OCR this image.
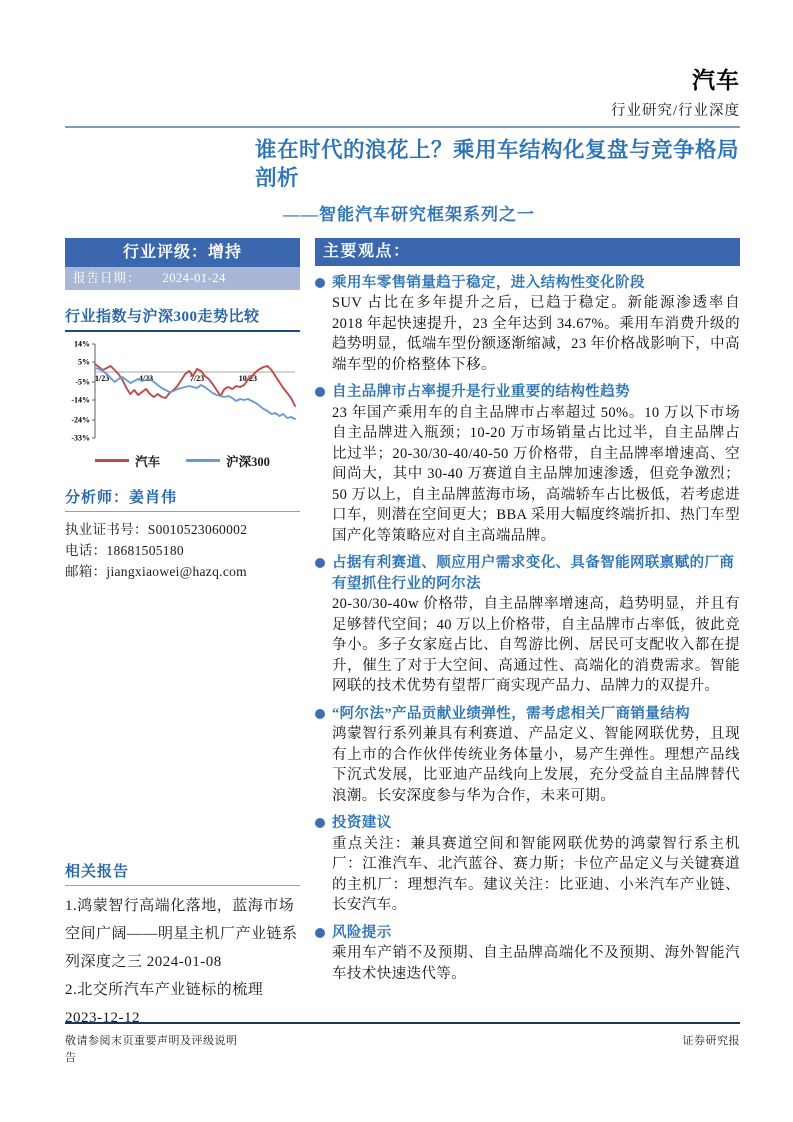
汽车
行业研究/行业深度
谁在时代的浪花上？乘用车结构化复盘与竞争格局剖析
——智能汽车研究框架系列之一
行业评级：增持
报告日期： 2024-01-24
行业指数与沪深300走势比较
14%
5%
-5%
-14%
-24%
-33%
1/23	4/23	7/23	10/23
汽车	沪深300
分析师：姜肖伟
执业证书号：S0010523060002
电话：18681505180
邮箱：jiangxiaowei@hazq.com
相关报告
1.鸿蒙智行高端化落地，蓝海市场空间广阔——明星主机厂产业链系列深度之三 2024-01-08
2.北交所汽车产业链标的梳理 2023-12-12
主要观点：
乘用车零售销量趋于稳定，进入结构性变化阶段
SUV 占比在多年提升之后，已趋于稳定。新能源渗透率自 2018 年起快速提升，23 全年达到 34.67%。乘用车消费升级的趋势明显，低端车型份额逐渐缩减，23 年价格战影响下，中高端车型的价格整体下移。
自主品牌市占率提升是行业重要的结构性趋势
23 年国产乘用车的自主品牌市占率超过 50%。10 万以下市场自主品牌进入瓶颈；10-20 万市场销量占比过半，自主品牌占比过半；20-30/30-40/40-50 万价格带，自主品牌率增速高、空间尚大，其中 30-40 万赛道自主品牌加速渗透，但竞争激烈；50 万以上，自主品牌蓝海市场，高端轿车占比极低，若考虑进口车，则潜在空间更大；BBA 采用大幅度终端折扣、热门车型国产化等策略应对自主高端品牌。
占据有利赛道、顺应用户需求变化、具备智能网联禀赋的厂商有望抓住行业的阿尔法
20-30/30-40w 价格带，自主品牌率增速高，趋势明显，并且有足够替代空间；40 万以上价格带，自主品牌市占率低，彼此竞争小。多子女家庭占比、自驾游比例、居民可支配收入都在提升，催生了对于大空间、高通过性、高端化的消费需求。智能网联的技术优势有望帮厂商实现产品力、品牌力的双提升。
“阿尔法”产品贡献业绩弹性，需考虑相关厂商销量结构
鸿蒙智行系列兼具有利赛道、产品定义、智能网联优势，且现有上市的合作伙伴传统业务体量小，易产生弹性。理想产品线下沉式发展，比亚迪产品线向上发展，充分受益自主品牌替代浪潮。长安深度参与华为合作，未来可期。
投资建议
重点关注：兼具赛道空间和智能网联优势的鸿蒙智行系主机厂：江淮汽车、北汽蓝谷、赛力斯；卡位产品定义与关键赛道的主机厂：理想汽车。建议关注：比亚迪、小米汽车产业链、长安汽车。
风险提示
乘用车产销不及预期、自主品牌高端化不及预期、海外智能汽车技术快速迭代等。
敬请参阅末页重要声明及评级说明告
证券研究报
